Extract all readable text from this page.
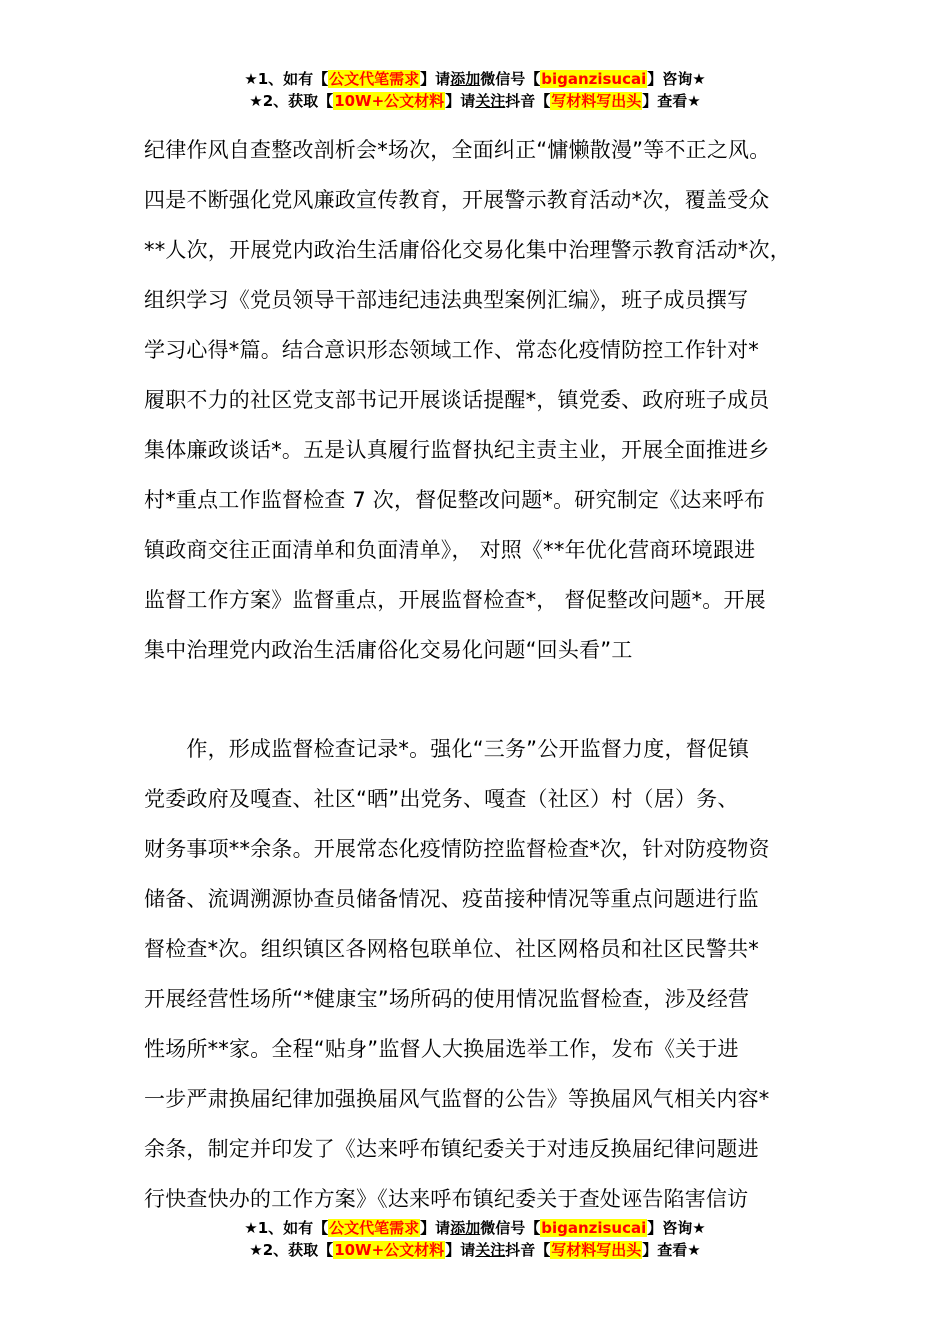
★1、如有【公文代笔需求】请添加微信号【biganzisucai】咨询★
★2、获取【10W+公文材料】请关注抖音【写材料写出头】查看★
纪律作风自查整改剖析会*场次，全面纠正“慵懒散漫”等不正之风。
四是不断强化党风廉政宣传教育，开展警示教育活动*次，覆盖受众
**人次，开展党内政治生活庸俗化交易化集中治理警示教育活动*次，
组织学习《党员领导干部违纪违法典型案例汇编》，班子成员撰写
学习心得*篇。结合意识形态领域工作、常态化疫情防控工作针对*
履职不力的社区党支部书记开展谈话提醒*，镇党委、政府班子成员
集体廉政谈话*。五是认真履行监督执纪主责主业，开展全面推进乡
村*重点工作监督检查 7 次，督促整改问题*。研究制定《达来呼布
镇政商交往正面清单和负面清单》， 对照《**年优化营商环境跟进
监督工作方案》监督重点，开展监督检查*， 督促整改问题*。开展
集中治理党内政治生活庸俗化交易化问题“回头看”工
　　作，形成监督检查记录*。强化“三务”公开监督力度，督促镇
党委政府及嘎查、社区“晒”出党务、嘎查（社区）村（居）务、
财务事项**余条。开展常态化疫情防控监督检查*次，针对防疫物资
储备、流调溯源协查员储备情况、疫苗接种情况等重点问题进行监
督检查*次。组织镇区各网格包联单位、社区网格员和社区民警共*
开展经营性场所“*健康宝”场所码的使用情况监督检查，涉及经营
性场所**家。全程“贴身”监督人大换届选举工作，发布《关于进
一步严肃换届纪律加强换届风气监督的公告》等换届风气相关内容*
余条，制定并印发了《达来呼布镇纪委关于对违反换届纪律问题进
行快查快办的工作方案》《达来呼布镇纪委关于查处诬告陷害信访
★1、如有【公文代笔需求】请添加微信号【biganzisucai】咨询★
★2、获取【10W+公文材料】请关注抖音【写材料写出头】查看★
